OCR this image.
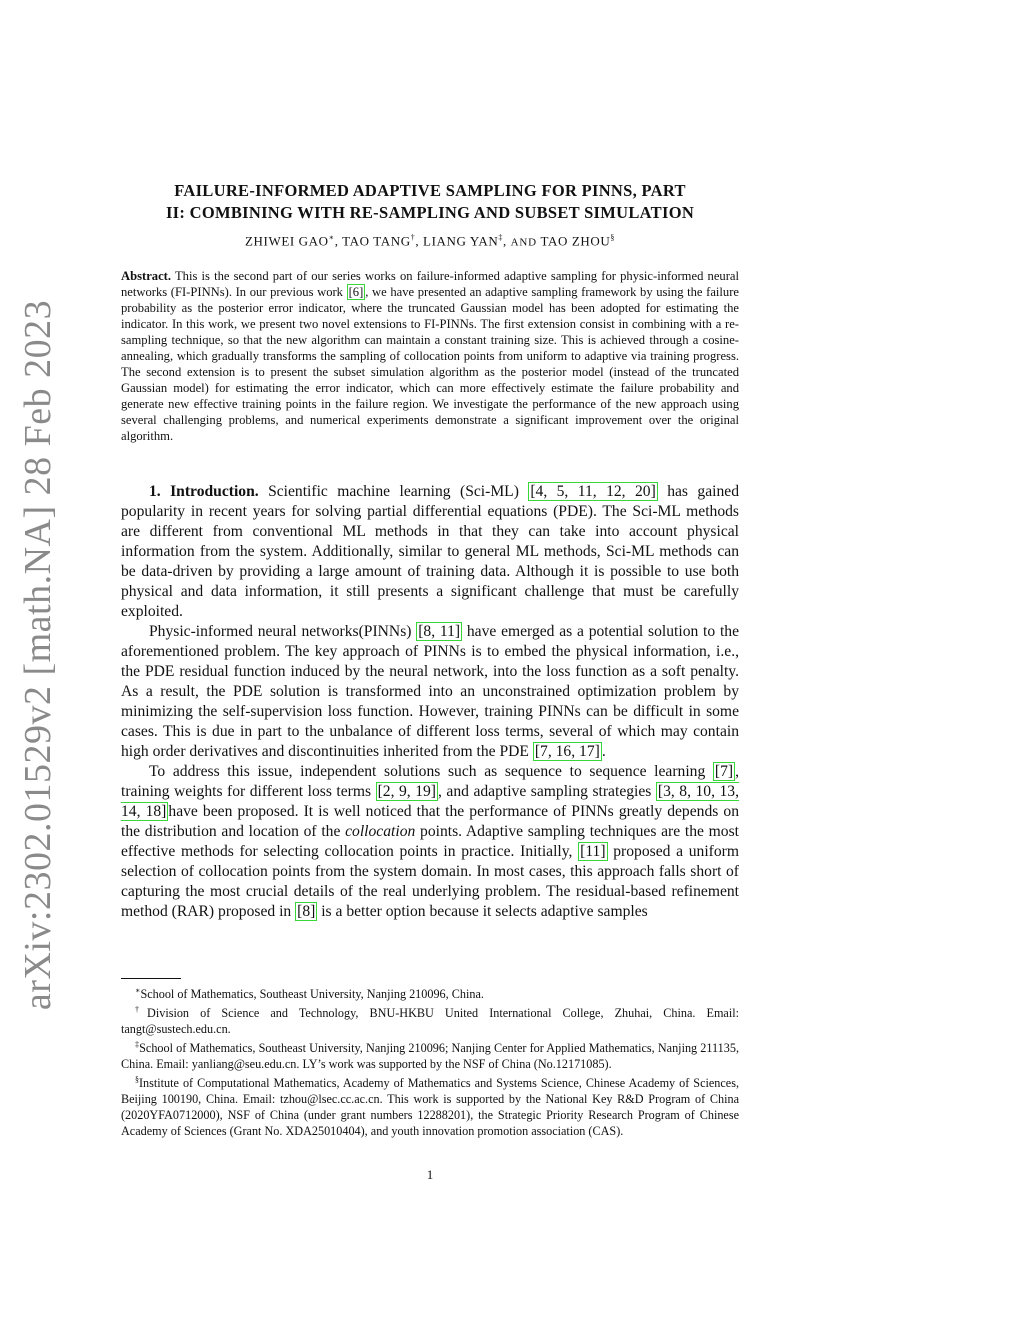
arXiv:2302.01529v2 [math.NA] 28 Feb 2023
FAILURE-INFORMED ADAPTIVE SAMPLING FOR PINNS, PART
II: COMBINING WITH RE-SAMPLING AND SUBSET SIMULATION
ZHIWEI GAO∗, TAO TANG†, LIANG YAN‡, AND TAO ZHOU§
Abstract. This is the second part of our series works on failure-informed adaptive sampling for physic-informed neural networks (FI-PINNs). In our previous work [6] , we have presented an adaptive sampling framework by using the failure probability as the posterior error indicator, where the truncated Gaussian model has been adopted for estimating the indicator. In this work, we present two novel extensions to FI-PINNs. The first extension consist in combining with a re-sampling technique, so that the new algorithm can maintain a constant training size. This is achieved through a cosine-annealing, which gradually transforms the sampling of collocation points from uniform to adaptive via training progress. The second extension is to present the subset simulation algorithm as the posterior model (instead of the truncated Gaussian model) for estimating the error indicator, which can more effectively estimate the failure probability and generate new effective training points in the failure region. We investigate the performance of the new approach using several challenging problems, and numerical experiments demonstrate a significant improvement over the original algorithm.

1. Introduction. Scientific machine learning (Sci-ML) [4, 5, 11, 12, 20] has gained popularity in recent years for solving partial differential equations (PDE). The Sci-ML methods are different from conventional ML methods in that they can take into account physical information from the system. Additionally, similar to general ML methods, Sci-ML methods can be data-driven by providing a large amount of training data. Although it is possible to use both physical and data information, it still presents a significant challenge that must be carefully exploited.

Physic-informed neural networks(PINNs) [8, 11] have emerged as a potential solution to the aforementioned problem. The key approach of PINNs is to embed the physical information, i.e., the PDE residual function induced by the neural network, into the loss function as a soft penalty. As a result, the PDE solution is transformed into an unconstrained optimization problem by minimizing the self-supervision loss function. However, training PINNs can be difficult in some cases. This is due in part to the unbalance of different loss terms, several of which may contain high order derivatives and discontinuities inherited from the PDE [7, 16, 17] .

To address this issue, independent solutions such as sequence to sequence learning [7] , training weights for different loss terms [2, 9, 19] , and adaptive sampling strategies [3, 8, 10, 13, 14, 18] have been proposed. It is well noticed that the performance of PINNs greatly depends on the distribution and location of the collocation points. Adaptive sampling techniques are the most effective methods for selecting collocation points in practice. Initially, [11] proposed a uniform selection of collocation points from the system domain. In most cases, this approach falls short of capturing the most crucial details of the real underlying problem. The residual-based refinement method (RAR) proposed in [8] is a better option because it selects adaptive samples

∗School of Mathematics, Southeast University, Nanjing 210096, China.

†Division of Science and Technology, BNU-HKBU United International College, Zhuhai, China. Email: tangt@sustech.edu.cn.

‡School of Mathematics, Southeast University, Nanjing 210096; Nanjing Center for Applied Mathematics, Nanjing 211135, China. Email: yanliang@seu.edu.cn. LY’s work was supported by the NSF of China (No.12171085).

§Institute of Computational Mathematics, Academy of Mathematics and Systems Science, Chinese Academy of Sciences, Beijing 100190, China. Email: tzhou@lsec.cc.ac.cn. This work is supported by the National Key R&D Program of China (2020YFA0712000), NSF of China (under grant numbers 12288201), the Strategic Priority Research Program of Chinese Academy of Sciences (Grant No. XDA25010404), and youth innovation promotion association (CAS).

1
